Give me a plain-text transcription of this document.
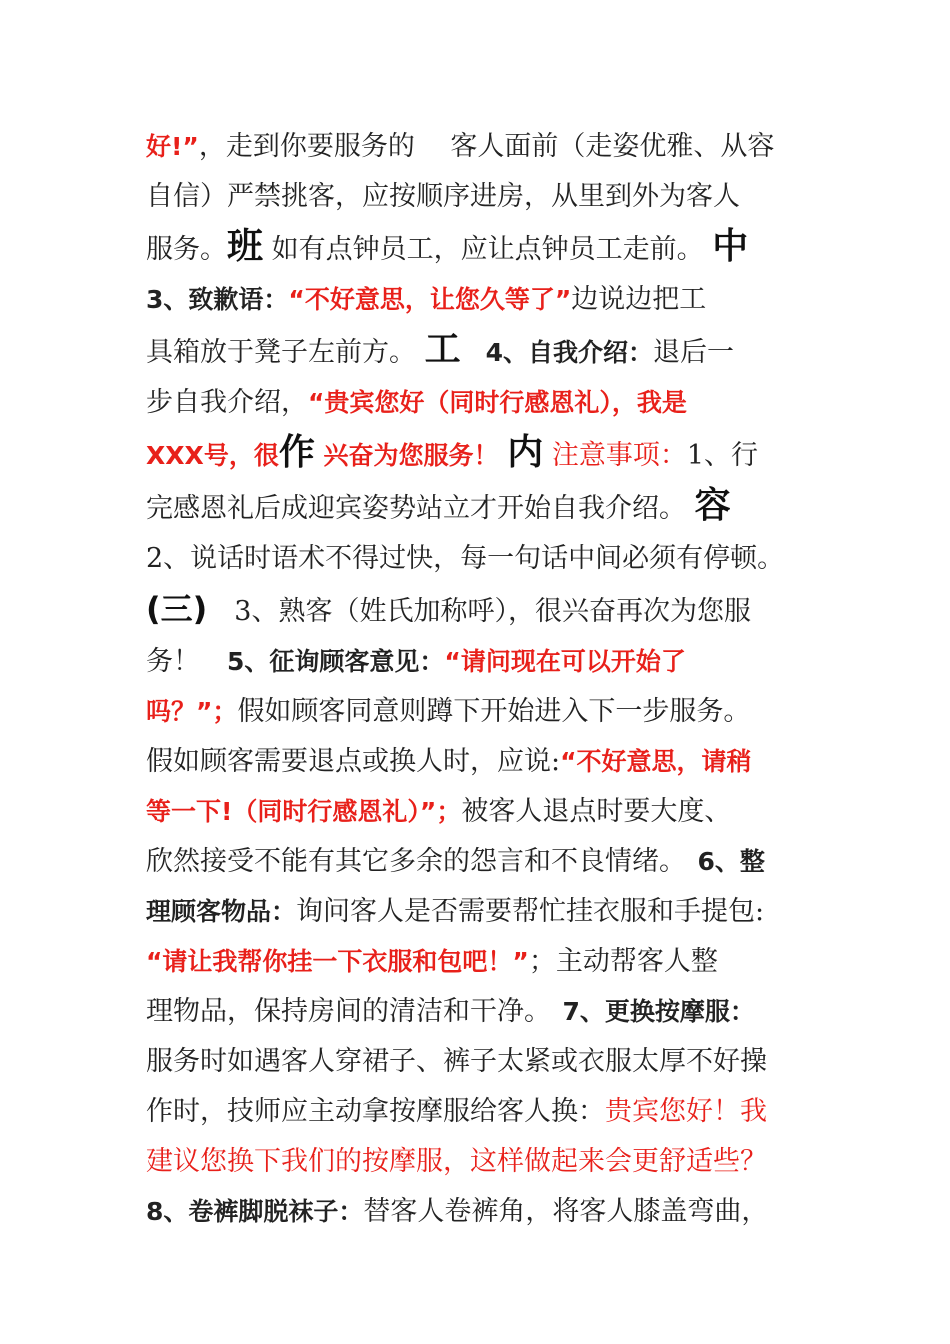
好!”，走到你要服务的　 客人面前（走姿优雅、从容
自信）严禁挑客，应按顺序进房，从里到外为客人
服务。班 如有点钟员工，应让点钟员工走前。 中
3、致歉语：“不好意思，让您久等了”边说边把工
具箱放于凳子左前方。 工　4、自我介绍：退后一
步自我介绍，“贵宾您好（同时行感恩礼），我是
XXX号，很作 兴奋为您服务！ 内 注意事项：1、行
完感恩礼后成迎宾姿势站立才开始自我介绍。 容
2、说话时语术不得过快，每一句话中间必须有停顿。
(三)　3、熟客（姓氏加称呼），很兴奋再次为您服
务！　5、征询顾客意见：“请问现在可以开始了
吗？”；假如顾客同意则蹲下开始进入下一步服务。
假如顾客需要退点或换人时，应说:“不好意思，请稍
等一下!（同时行感恩礼）”；被客人退点时要大度、
欣然接受不能有其它多余的怨言和不良情绪。　6、整
理顾客物品：询问客人是否需要帮忙挂衣服和手提包:
“请让我帮你挂一下衣服和包吧！”；主动帮客人整
理物品，保持房间的清洁和干净。　7、更换按摩服：
服务时如遇客人穿裙子、裤子太紧或衣服太厚不好操
作时，技师应主动拿按摩服给客人换：贵宾您好！我
建议您换下我们的按摩服，这样做起来会更舒适些？
8、卷裤脚脱袜子：替客人卷裤角，将客人膝盖弯曲，
